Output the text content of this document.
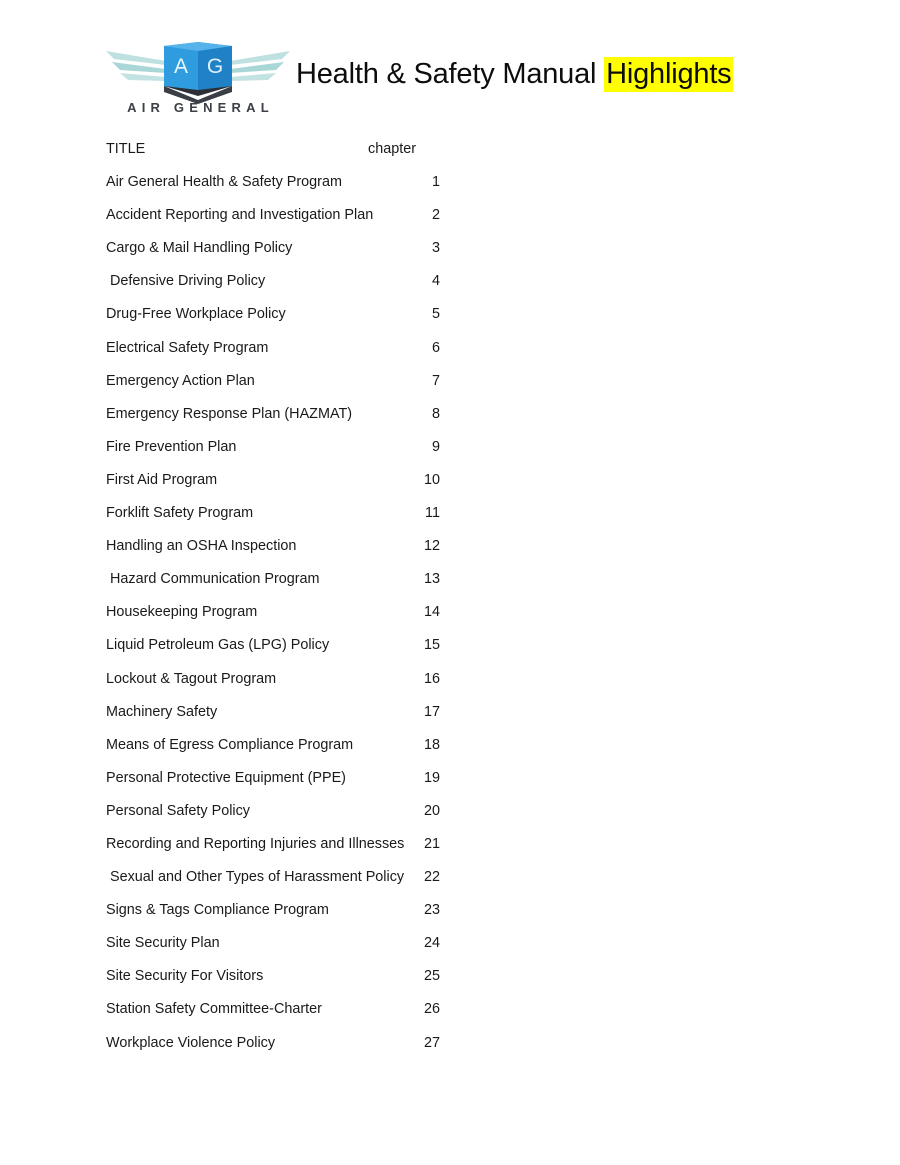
A G
AIR GENERAL
Health & Safety Manual Highlights
TITLE	chapter
Air General Health & Safety Program	1
Accident Reporting and Investigation Plan	2
Cargo & Mail Handling Policy	3
Defensive Driving Policy	4
Drug-Free Workplace Policy	5
Electrical Safety Program	6
Emergency Action Plan	7
Emergency Response Plan (HAZMAT)	8
Fire Prevention Plan	9
First Aid Program	10
Forklift Safety Program	11
Handling an OSHA Inspection	12
Hazard Communication Program	13
Housekeeping Program	14
Liquid Petroleum Gas (LPG) Policy	15
Lockout & Tagout Program	16
Machinery Safety	17
Means of Egress Compliance Program	18
Personal Protective Equipment (PPE)	19
Personal Safety Policy	20
Recording and Reporting Injuries and Illnesses	21
Sexual and Other Types of Harassment Policy	22
Signs & Tags Compliance Program	23
Site Security Plan	24
Site Security For Visitors	25
Station Safety Committee-Charter	26
Workplace Violence Policy	27
